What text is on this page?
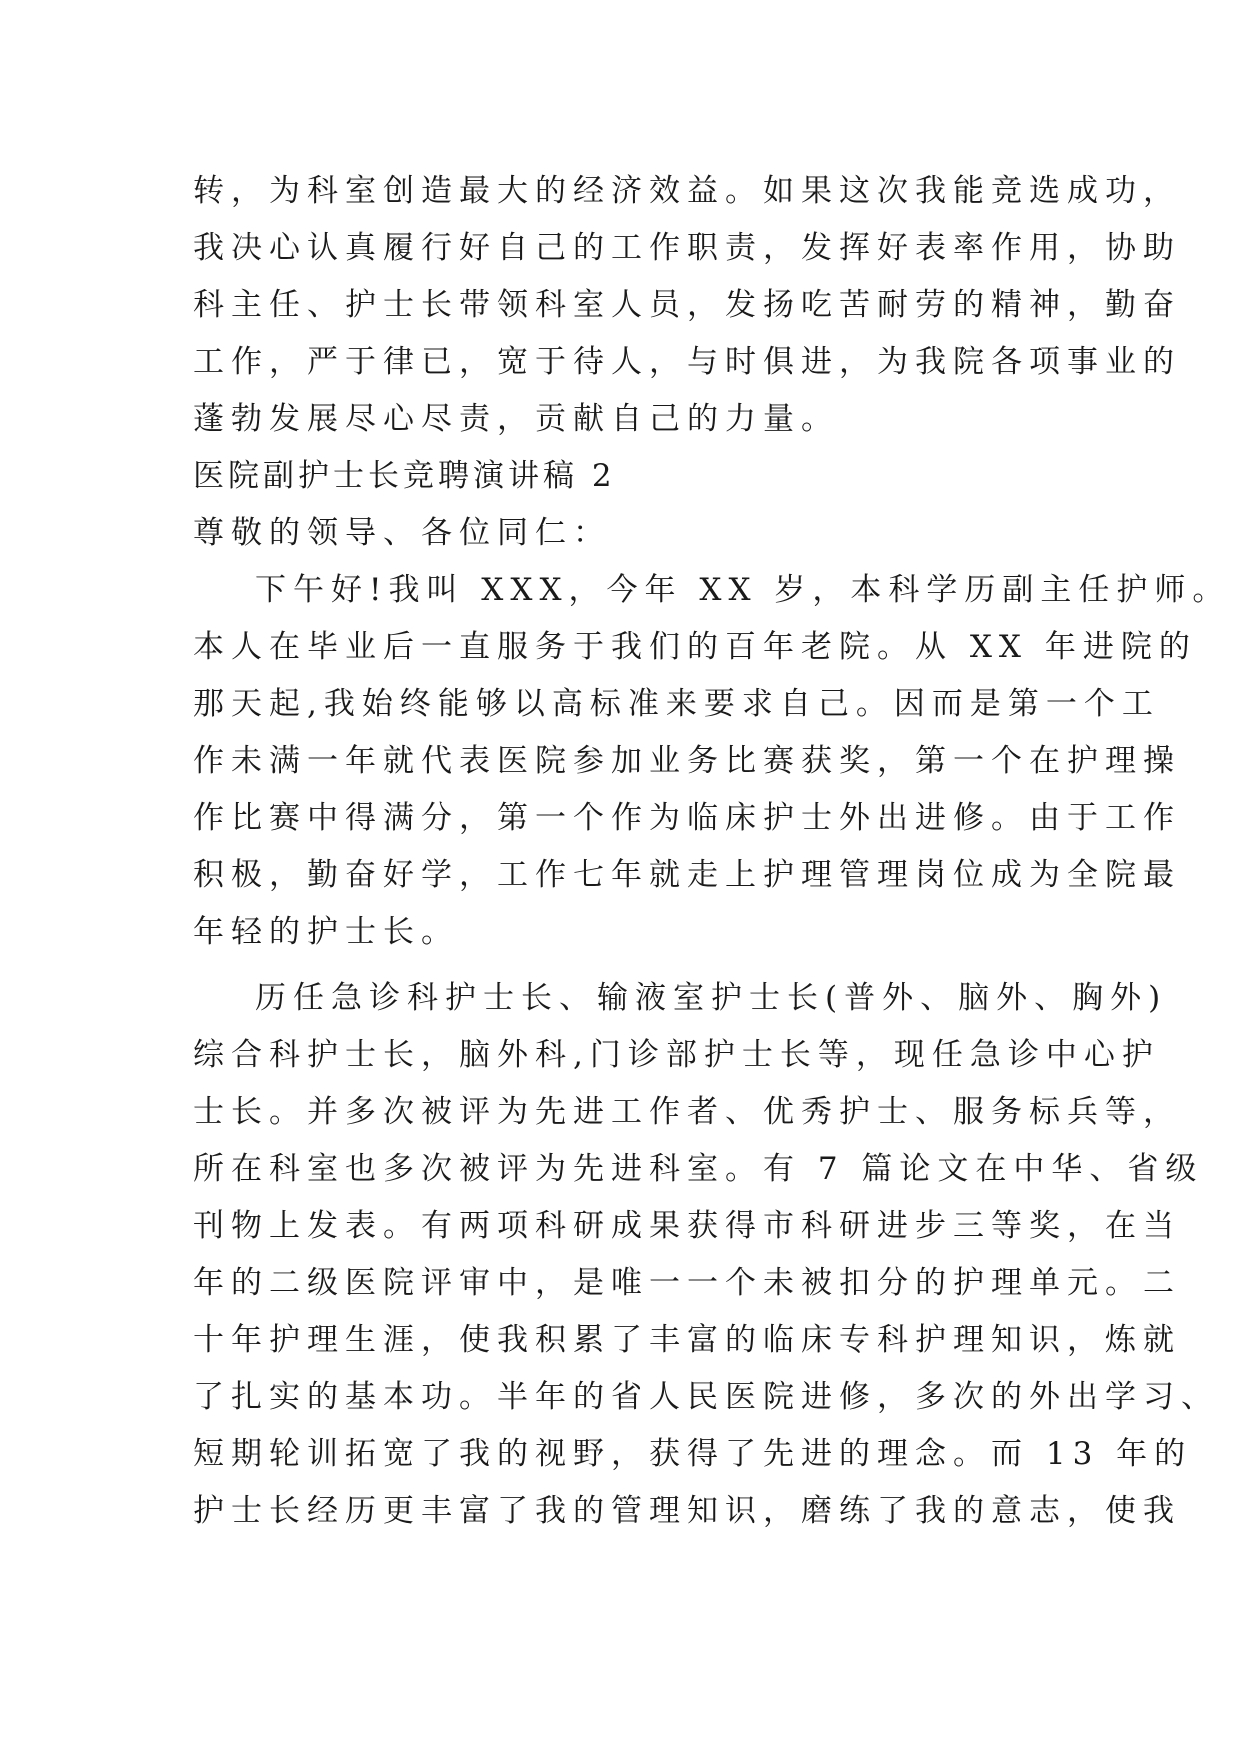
转，为科室创造最大的经济效益。如果这次我能竞选成功，
我决心认真履行好自己的工作职责，发挥好表率作用，协助
科主任、护士长带领科室人员，发扬吃苦耐劳的精神，勤奋
工作，严于律已，宽于待人，与时俱进，为我院各项事业的
蓬勃发展尽心尽责，贡献自己的力量。
医院副护士长竞聘演讲稿 2
尊敬的领导、各位同仁：
下午好!我叫 XXX，今年 XX 岁，本科学历副主任护师。
本人在毕业后一直服务于我们的百年老院。从 XX 年进院的
那天起,我始终能够以高标准来要求自己。因而是第一个工
作未满一年就代表医院参加业务比赛获奖，第一个在护理操
作比赛中得满分，第一个作为临床护士外出进修。由于工作
积极，勤奋好学，工作七年就走上护理管理岗位成为全院最
年轻的护士长。
历任急诊科护士长、输液室护士长(普外、脑外、胸外)
综合科护士长，脑外科,门诊部护士长等，现任急诊中心护
士长。并多次被评为先进工作者、优秀护士、服务标兵等，
所在科室也多次被评为先进科室。有 7 篇论文在中华、省级
刊物上发表。有两项科研成果获得市科研进步三等奖，在当
年的二级医院评审中，是唯一一个未被扣分的护理单元。二
十年护理生涯，使我积累了丰富的临床专科护理知识，炼就
了扎实的基本功。半年的省人民医院进修，多次的外出学习、
短期轮训拓宽了我的视野，获得了先进的理念。而 13 年的
护士长经历更丰富了我的管理知识，磨练了我的意志，使我
